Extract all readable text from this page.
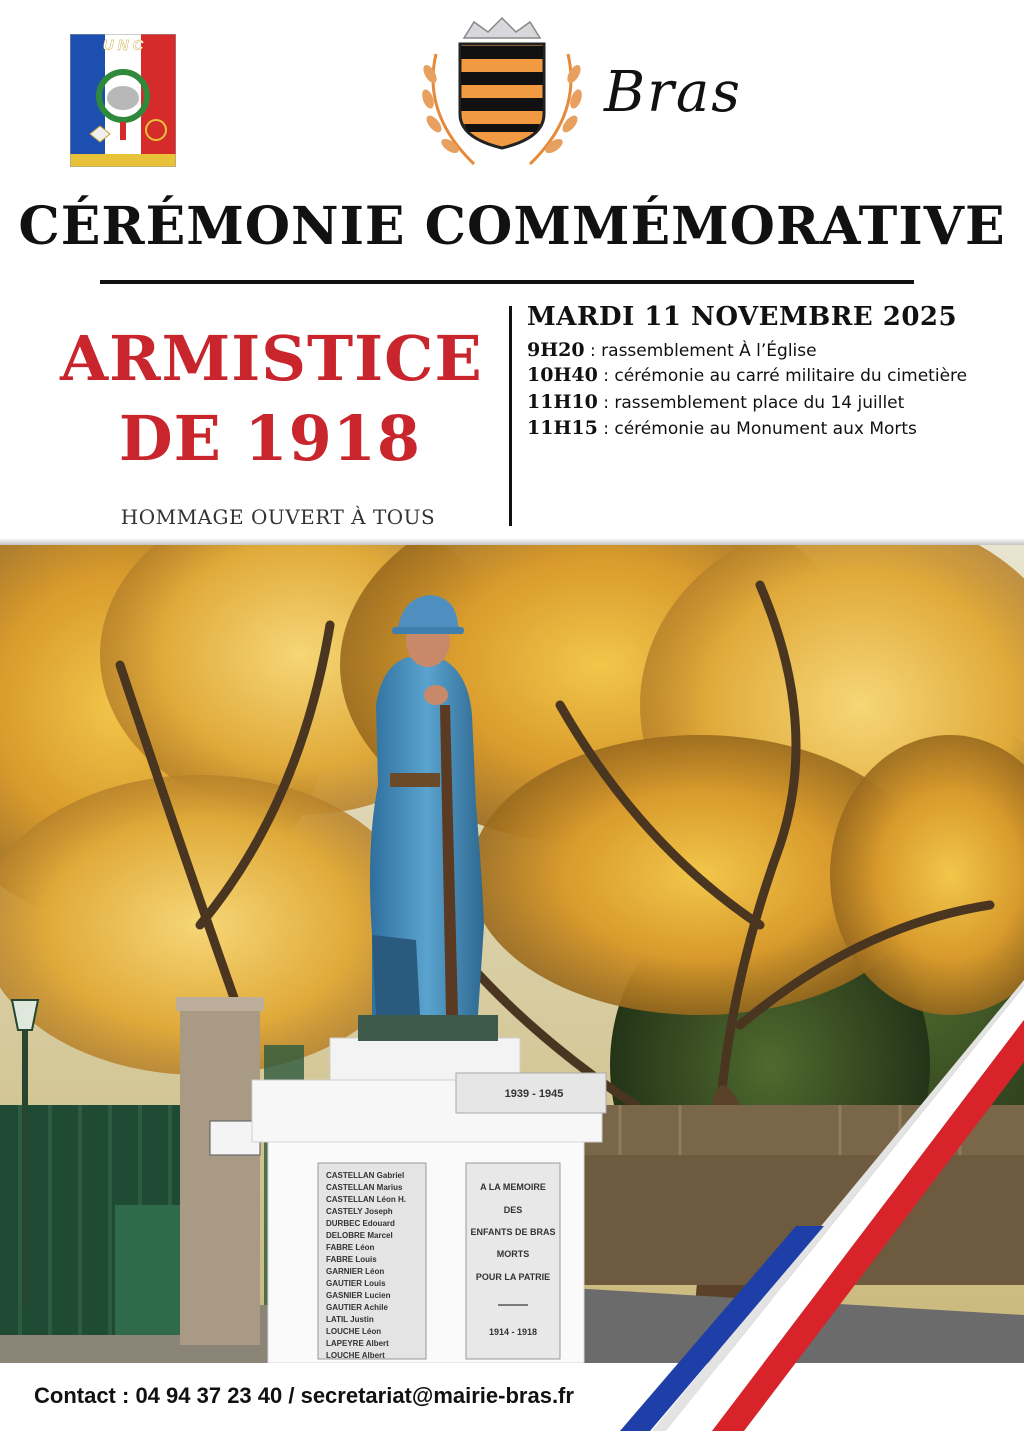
U N C
Bras
CÉRÉMONIE COMMÉMORATIVE
ARMISTICE
DE 1918
HOMMAGE OUVERT À TOUS
MARDI 11 NOVEMBRE 2025
9H20 : rassemblement À l’Église
10H40 : cérémonie au carré militaire du cimetière
11H10 : rassemblement place du 14 juillet
11H15 : cérémonie au Monument aux Morts
1939 - 1945
CASTELLAN Gabriel
CASTELLAN Marius
CASTELLAN Léon H.
CASTELY Joseph
DURBEC Edouard
DELOBRE Marcel
FABRE Léon
FABRE Louis
GARNIER Léon
GAUTIER Louis
GASNIER Lucien
GAUTIER Achile
LATIL Justin
LOUCHE Léon
LAPEYRE Albert
LOUCHE Albert
A LA MEMOIRE
DES
ENFANTS DE BRAS
MORTS
POUR LA PATRIE
1914 - 1918
Contact : 04 94 37 23 40 / secretariat@mairie-bras.fr
